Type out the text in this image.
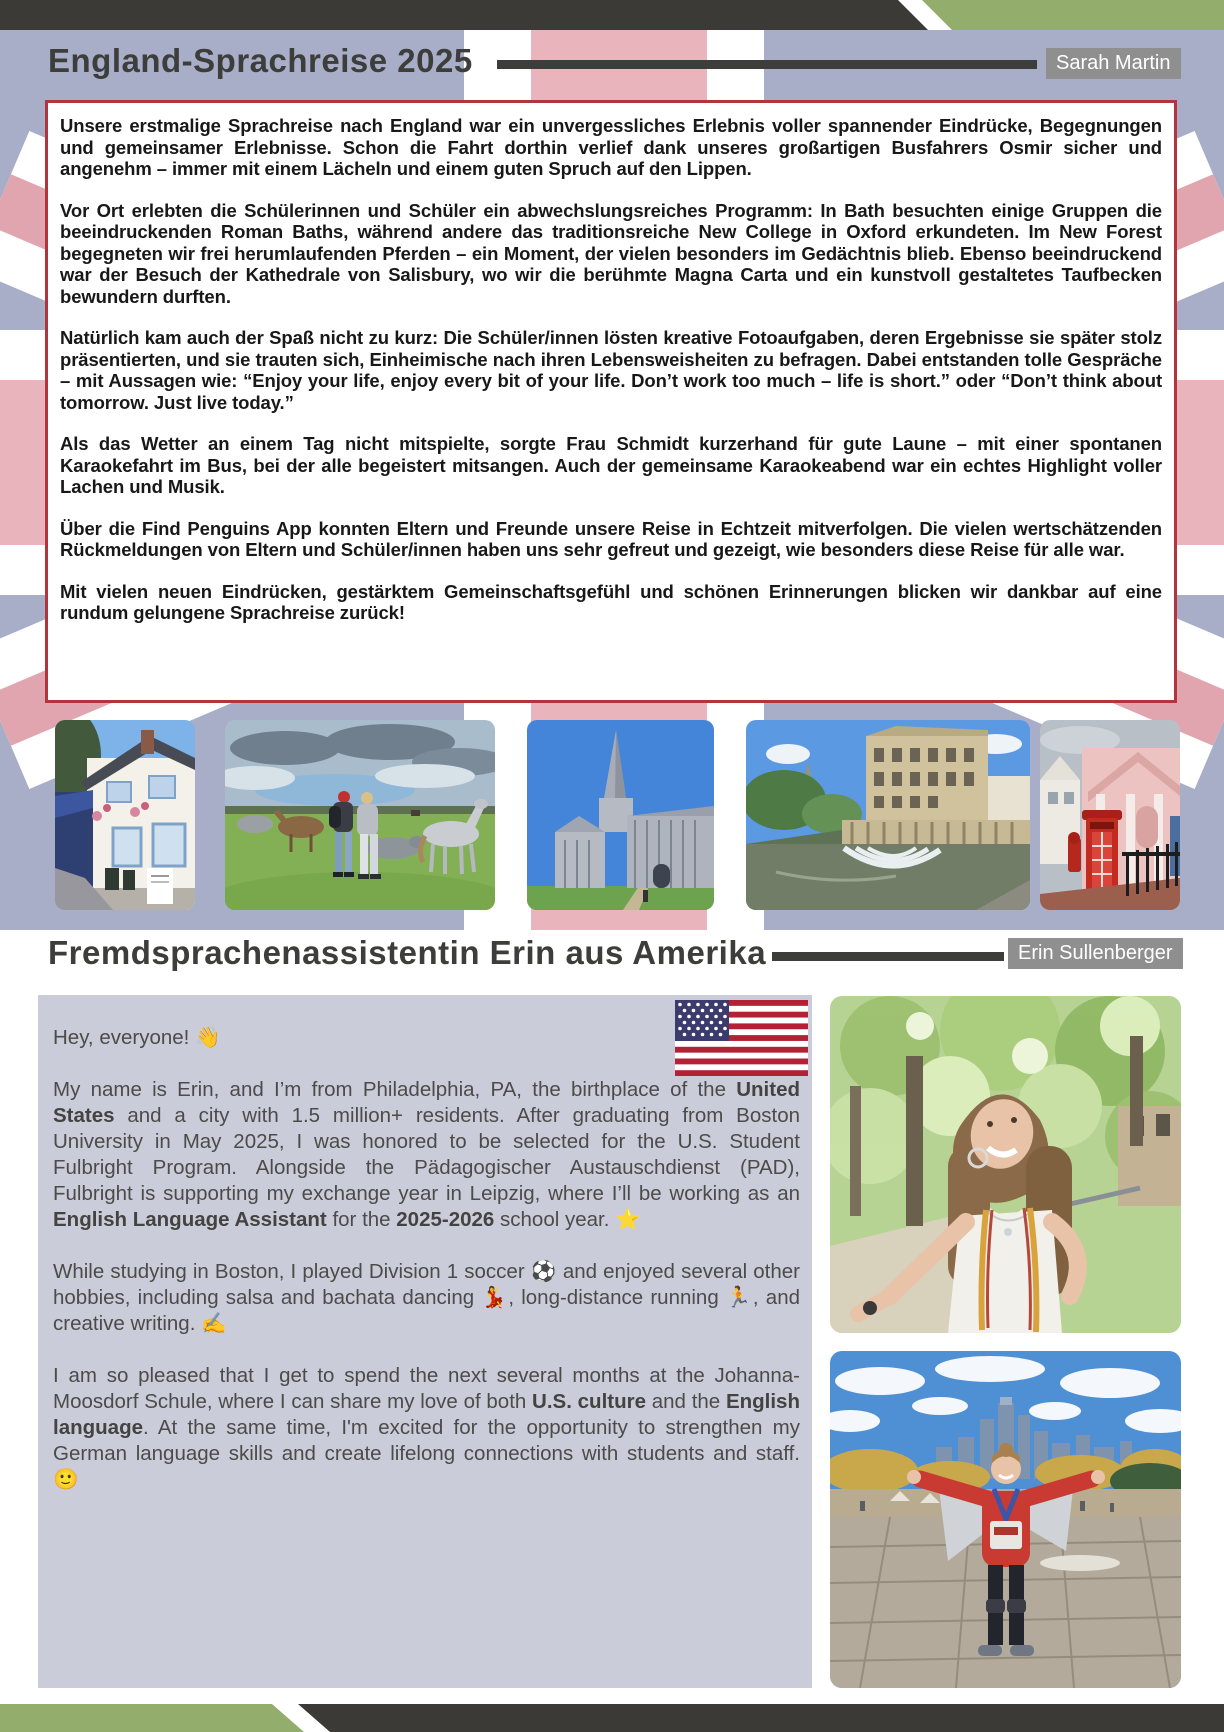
England-Sprachreise 2025	Sarah Martin

Unsere erstmalige Sprachreise nach England war ein unvergessliches Erlebnis voller spannender Eindrücke, Begegnungen und gemeinsamer Erlebnisse. Schon die Fahrt dorthin verlief dank unseres großartigen Busfahrers Osmir sicher und angenehm – immer mit einem Lächeln und einem guten Spruch auf den Lippen.

Vor Ort erlebten die Schülerinnen und Schüler ein abwechslungsreiches Programm: In Bath besuchten einige Gruppen die beeindruckenden Roman Baths, während andere das traditionsreiche New College in Oxford erkundeten. Im New Forest begegneten wir frei herumlaufenden Pferden – ein Moment, der vielen besonders im Gedächtnis blieb. Ebenso beeindruckend war der Besuch der Kathedrale von Salisbury, wo wir die berühmte Magna Carta und ein kunstvoll gestaltetes Taufbecken bewundern durften.

Natürlich kam auch der Spaß nicht zu kurz: Die Schüler/innen lösten kreative Fotoaufgaben, deren Ergebnisse sie später stolz präsentierten, und sie trauten sich, Einheimische nach ihren Lebensweisheiten zu befragen. Dabei entstanden tolle Gespräche – mit Aussagen wie: “Enjoy your life, enjoy every bit of your life. Don’t work too much – life is short.” oder “Don’t think about tomorrow. Just live today.”

Als das Wetter an einem Tag nicht mitspielte, sorgte Frau Schmidt kurzerhand für gute Laune – mit einer spontanen Karaokefahrt im Bus, bei der alle begeistert mitsangen. Auch der gemeinsame Karaokeabend war ein echtes Highlight voller Lachen und Musik.

Über die Find Penguins App konnten Eltern und Freunde unsere Reise in Echtzeit mitverfolgen. Die vielen wertschätzenden Rückmeldungen von Eltern und Schüler/innen haben uns sehr gefreut und gezeigt, wie besonders diese Reise für alle war.

Mit vielen neuen Eindrücken, gestärktem Gemeinschaftsgefühl und schönen Erinnerungen blicken wir dankbar auf eine rundum gelungene Sprachreise zurück!

Fremdsprachenassistentin Erin aus Amerika	Erin Sullenberger

Hey, everyone! 👋

My name is Erin, and I’m from Philadelphia, PA, the birthplace of the United States and a city with 1.5 million+ residents. After graduating from Boston University in May 2025, I was honored to be selected for the U.S. Student Fulbright Program. Alongside the Pädagogischer Austauschdienst (PAD), Fulbright is supporting my exchange year in Leipzig, where I’ll be working as an English Language Assistant for the 2025-2026 school year. ⭐

While studying in Boston, I played Division 1 soccer ⚽ and enjoyed several other hobbies, including salsa and bachata dancing 💃, long-distance running 🏃, and creative writing. ✍️

I am so pleased that I get to spend the next several months at the Johanna-Moosdorf Schule, where I can share my love of both U.S. culture and the English language. At the same time, I'm excited for the opportunity to strengthen my German language skills and create lifelong connections with students and staff. 🙂
